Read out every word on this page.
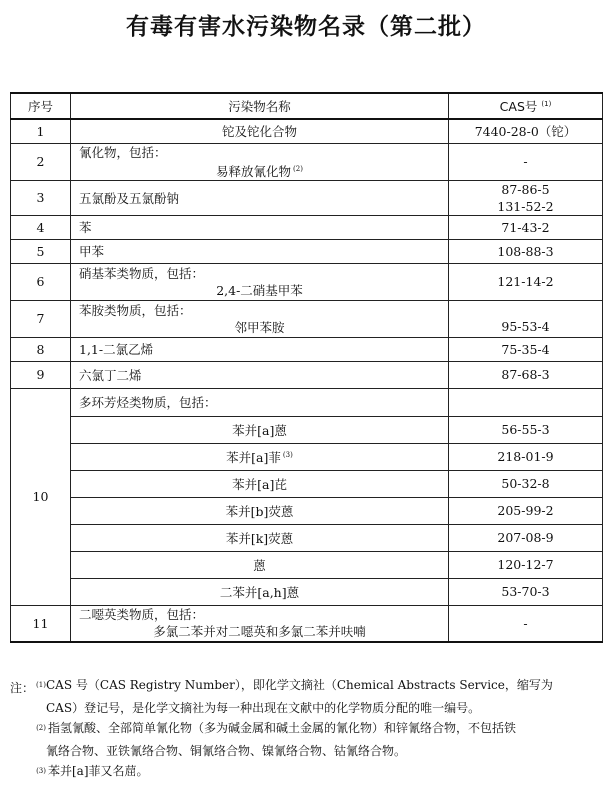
有毒有害水污染物名录（第二批）
序号	污染物名称	CAS号 $^{(1)}$
1	铊及铊化合物	7440-28-0（铊）
2	氰化物，包括：
易释放氰化物 $^{(2)}$	-
3	五氯酚及五氯酚钠	87-86-5
131-52-2

4	苯	71-43-2
5	甲苯	108-88-3
6	硝基苯类物质，包括：
2,4-二硝基甲苯	121-14-2
7	苯胺类物质，包括：
邻甲苯胺	95-53-4
8	1,1-二氯乙烯	75-35-4
9	六氯丁二烯	87-68-3
10	多环芳烃类物质，包括：	
	苯并[a]蒽	56-55-3
	苯并[a]菲 $^{(3)}$	218-01-9
	苯并[a]芘	50-32-8
	苯并[b]荧蒽	205-99-2
	苯并[k]荧蒽	207-08-9
	蒽	120-12-7
	二苯并[a,h]蒽	53-70-3
11	二噁英类物质，包括：
多氯二苯并对二噁英和多氯二苯并呋喃	-
注： $^{(1)}$ CAS 号（CAS Registry Number），即化学文摘社（Chemical Abstracts Service，缩写为
CAS）登记号，是化学文摘社为每一种出现在文献中的化学物质分配的唯一编号。
$^{(2)}$ 指氢氰酸、全部简单氰化物（多为碱金属和碱土金属的氰化物）和锌氰络合物，不包括铁
氰络合物、亚铁氰络合物、铜氰络合物、镍氰络合物、钴氰络合物。
$^{(3)}$ 苯并[a]菲又名䓛。
